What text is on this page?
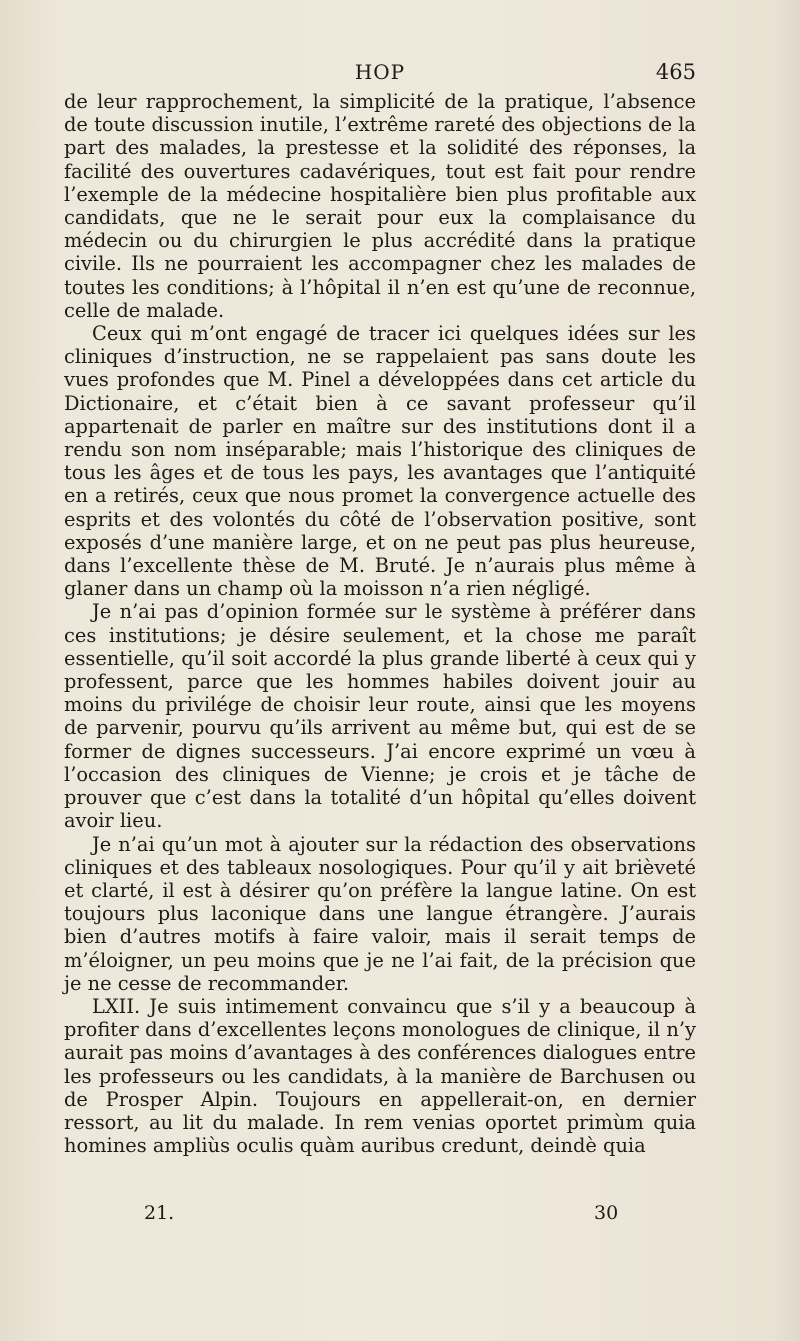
HOP	465

de leur rapprochement, la simplicité de la pratique, l’absence de toute discussion inutile, l’extrême rareté des objections de la part des malades, la prestesse et la solidité des réponses, la facilité des ouvertures cadavériques, tout est fait pour rendre l’exemple de la médecine hospitalière bien plus profitable aux candidats, que ne le serait pour eux la complaisance du médecin ou du chirurgien le plus accrédité dans la pratique civile. Ils ne pourraient les accompagner chez les malades de toutes les conditions; à l’hôpital il n’en est qu’une de reconnue, celle de malade.

Ceux qui m’ont engagé de tracer ici quelques idées sur les cliniques d’instruction, ne se rappelaient pas sans doute les vues profondes que M. Pinel a développées dans cet article du Dictionaire, et c’était bien à ce savant professeur qu’il appartenait de parler en maître sur des institutions dont il a rendu son nom inséparable; mais l’historique des cliniques de tous les âges et de tous les pays, les avantages que l’antiquité en a retirés, ceux que nous promet la convergence actuelle des esprits et des volontés du côté de l’observation positive, sont exposés d’une manière large, et on ne peut pas plus heureuse, dans l’excellente thèse de M. Bruté. Je n’aurais plus même à glaner dans un champ où la moisson n’a rien négligé.

Je n’ai pas d’opinion formée sur le système à préférer dans ces institutions; je désire seulement, et la chose me paraît essentielle, qu’il soit accordé la plus grande liberté à ceux qui y professent, parce que les hommes habiles doivent jouir au moins du privilége de choisir leur route, ainsi que les moyens de parvenir, pourvu qu’ils arrivent au même but, qui est de se former de dignes successeurs. J’ai encore exprimé un vœu à l’occasion des cliniques de Vienne; je crois et je tâche de prouver que c’est dans la totalité d’un hôpital qu’elles doivent avoir lieu.

Je n’ai qu’un mot à ajouter sur la rédaction des observations cliniques et des tableaux nosologiques. Pour qu’il y ait brièveté et clarté, il est à désirer qu’on préfère la langue latine. On est toujours plus laconique dans une langue étrangère. J’aurais bien d’autres motifs à faire valoir, mais il serait temps de m’éloigner, un peu moins que je ne l’ai fait, de la précision que je ne cesse de recommander.

LXII. Je suis intimement convaincu que s’il y a beaucoup à profiter dans d’excellentes leçons monologues de clinique, il n’y aurait pas moins d’avantages à des conférences dialogues entre les professeurs ou les candidats, à la manière de Barchusen ou de Prosper Alpin. Toujours en appellerait-on, en dernier ressort, au lit du malade. In rem venias oportet primùm quia homines ampliùs oculis quàm auribus credunt, deindè quia

21.	30
